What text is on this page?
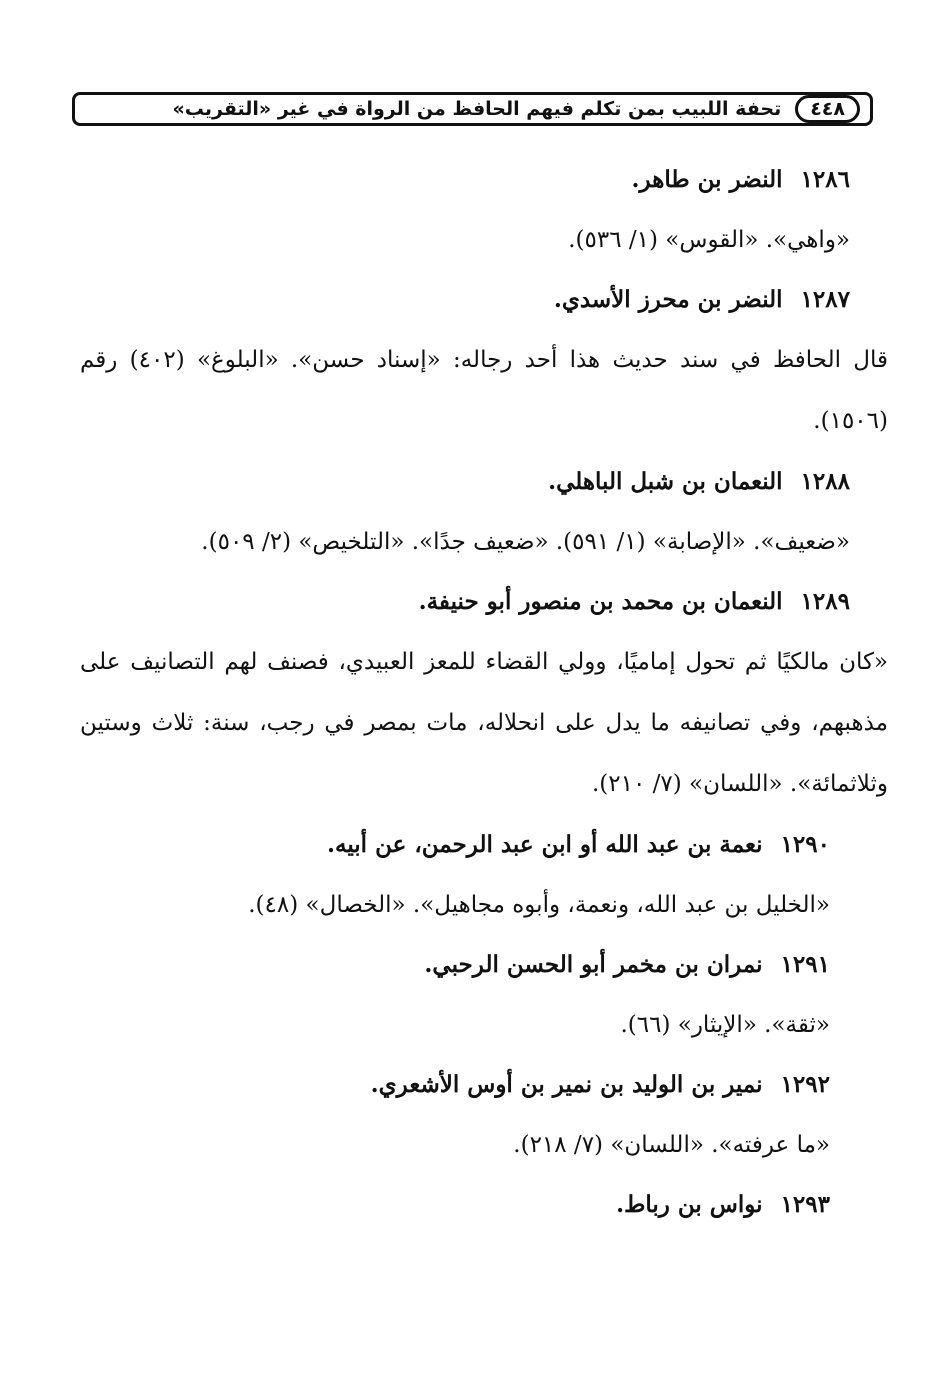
٤٤٨
تحفة اللبيب بمن تكلم فيهم الحافظ من الرواة في غير «التقريب»
١٢٨٦ النضر بن طاهر.
«واهي». «القوس» (١/ ٥٣٦).
١٢٨٧ النضر بن محرز الأسدي.
قال الحافظ في سند حديث هذا أحد رجاله: «إسناد حسن». «البلوغ» (٤٠٢) رقم (١٥٠٦).
١٢٨٨ النعمان بن شبل الباهلي.
«ضعيف». «الإصابة» (١/ ٥٩١). «ضعيف جدًا». «التلخيص» (٢/ ٥٠٩).
١٢٨٩ النعمان بن محمد بن منصور أبو حنيفة.
«كان مالكيًا ثم تحول إماميًا، وولي القضاء للمعز العبيدي، فصنف لهم التصانيف على مذهبهم، وفي تصانيفه ما يدل على انحلاله، مات بمصر في رجب، سنة: ثلاث وستين وثلاثمائة». «اللسان» (٧/ ٢١٠).
١٢٩٠ نعمة بن عبد الله أو ابن عبد الرحمن، عن أبيه.
«الخليل بن عبد الله، ونعمة، وأبوه مجاهيل». «الخصال» (٤٨).
١٢٩١ نمران بن مخمر أبو الحسن الرحبي.
«ثقة». «الإيثار» (٦٦).
١٢٩٢ نمير بن الوليد بن نمير بن أوس الأشعري.
«ما عرفته». «اللسان» (٧/ ٢١٨).
١٢٩٣ نواس بن رباط.
